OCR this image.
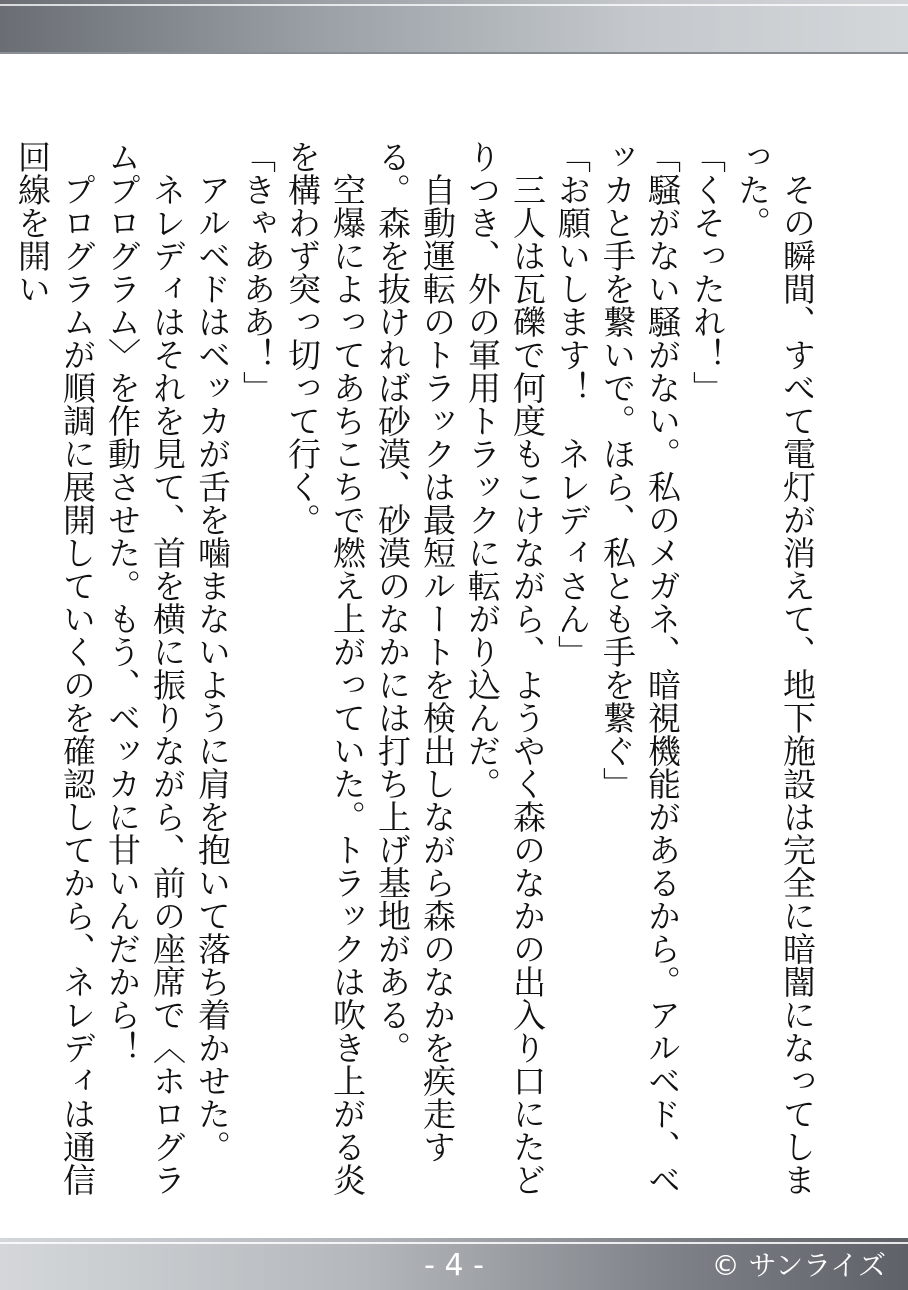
その瞬間、すべて電灯が消えて、地下施設は完全に暗闇になってしまった。

「くそったれ！」

「騒がない騒がない。私のメガネ、暗視機能があるから。アルベド、ベッカと手を繋いで。ほら、私とも手を繋ぐ」

「お願いします！　ネレディさん」

三人は瓦礫で何度もこけながら、ようやく森のなかの出入り口にたどりつき、外の軍用トラックに転がり込んだ。

自動運転のトラックは最短ルートを検出しながら森のなかを疾走する。森を抜ければ砂漠、砂漠のなかには打ち上げ基地がある。

空爆によってあちこちで燃え上がっていた。トラックは吹き上がる炎を構わず突っ切って行く。

「きゃあああ！」

アルベドはベッカが舌を噛まないように肩を抱いて落ち着かせた。

ネレディはそれを見て、首を横に振りながら、前の座席で〈ホログラムプログラム〉を作動させた。もう、ベッカに甘いんだから！

プログラムが順調に展開していくのを確認してから、ネレディは通信回線を開い

- 4 -	© サンライズ
